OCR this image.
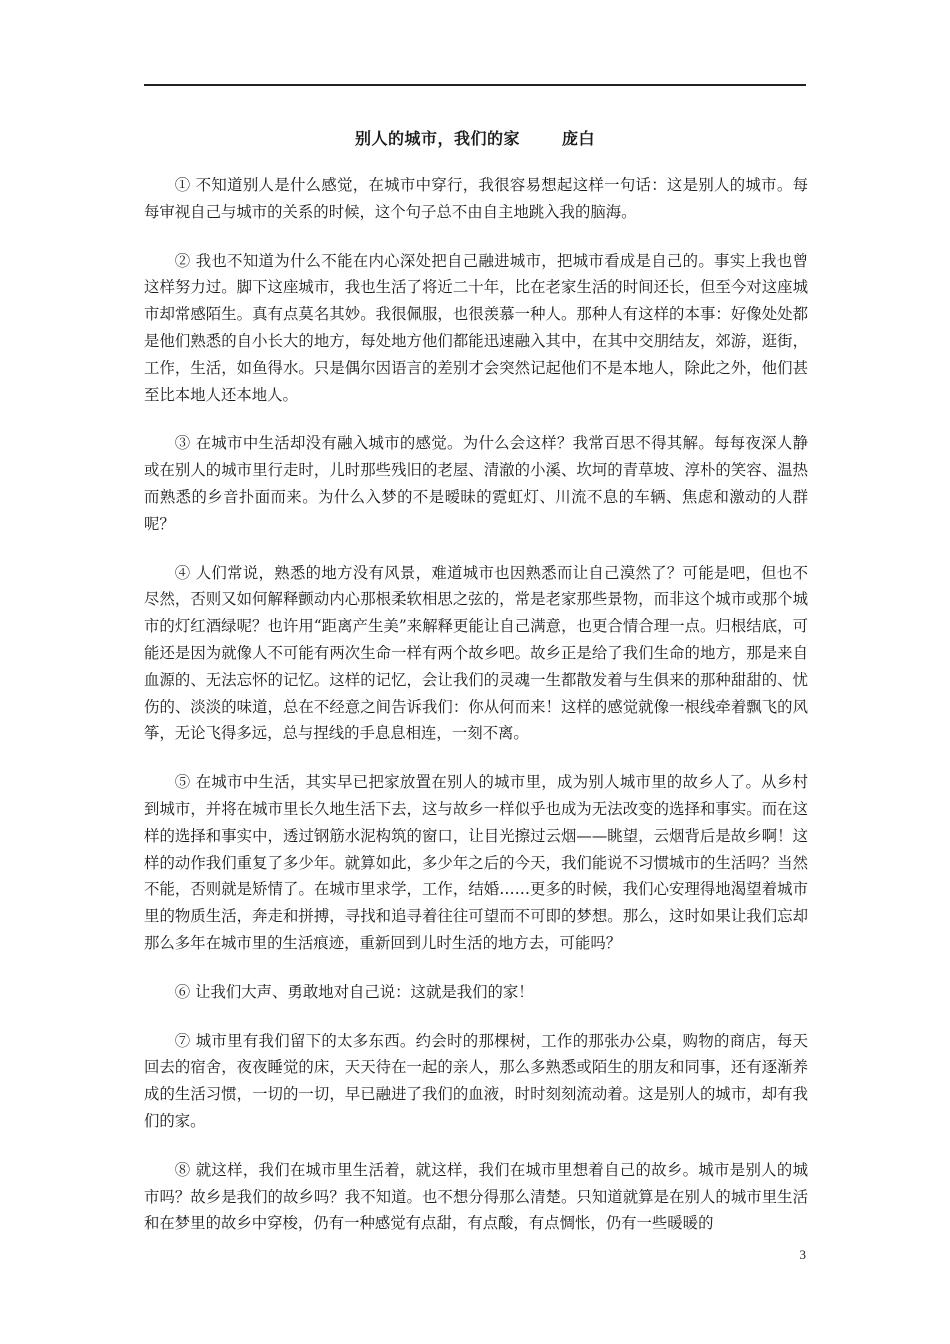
别人的城市，我们的家	庞白

① 不知道别人是什么感觉，在城市中穿行，我很容易想起这样一句话：这是别人的城市。每每审视自己与城市的关系的时候，这个句子总不由自主地跳入我的脑海。

② 我也不知道为什么不能在内心深处把自己融进城市，把城市看成是自己的。事实上我也曾这样努力过。脚下这座城市，我也生活了将近二十年，比在老家生活的时间还长，但至今对这座城市却常感陌生。真有点莫名其妙。我很佩服，也很羡慕一种人。那种人有这样的本事：好像处处都是他们熟悉的自小长大的地方，每处地方他们都能迅速融入其中，在其中交朋结友，郊游，逛街，工作，生活，如鱼得水。只是偶尔因语言的差别才会突然记起他们不是本地人，除此之外，他们甚至比本地人还本地人。

③ 在城市中生活却没有融入城市的感觉。为什么会这样？我常百思不得其解。每每夜深人静或在别人的城市里行走时，儿时那些残旧的老屋、清澈的小溪、坎坷的青草坡、淳朴的笑容、温热而熟悉的乡音扑面而来。为什么入梦的不是暧昧的霓虹灯、川流不息的车辆、焦虑和激动的人群呢？

④ 人们常说，熟悉的地方没有风景，难道城市也因熟悉而让自己漠然了？可能是吧，但也不尽然，否则又如何解释颤动内心那根柔软相思之弦的，常是老家那些景物，而非这个城市或那个城市的灯红酒绿呢？也许用“距离产生美”来解释更能让自己满意，也更合情合理一点。归根结底，可能还是因为就像人不可能有两次生命一样有两个故乡吧。故乡正是给了我们生命的地方，那是来自血源的、无法忘怀的记忆。这样的记忆，会让我们的灵魂一生都散发着与生俱来的那种甜甜的、忧伤的、淡淡的味道，总在不经意之间告诉我们：你从何而来！这样的感觉就像一根线牵着飘飞的风筝，无论飞得多远，总与捏线的手息息相连，一刻不离。

⑤ 在城市中生活，其实早已把家放置在别人的城市里，成为别人城市里的故乡人了。从乡村到城市，并将在城市里长久地生活下去，这与故乡一样似乎也成为无法改变的选择和事实。而在这样的选择和事实中，透过钢筋水泥构筑的窗口，让目光擦过云烟——眺望，云烟背后是故乡啊！这样的动作我们重复了多少年。就算如此，多少年之后的今天，我们能说不习惯城市的生活吗？当然不能，否则就是矫情了。在城市里求学，工作，结婚……更多的时候，我们心安理得地渴望着城市里的物质生活，奔走和拼搏，寻找和追寻着往往可望而不可即的梦想。那么，这时如果让我们忘却那么多年在城市里的生活痕迹，重新回到儿时生活的地方去，可能吗？

⑥ 让我们大声、勇敢地对自己说：这就是我们的家！

⑦ 城市里有我们留下的太多东西。约会时的那棵树，工作的那张办公桌，购物的商店，每天回去的宿舍，夜夜睡觉的床，天天待在一起的亲人，那么多熟悉或陌生的朋友和同事，还有逐渐养成的生活习惯，一切的一切，早已融进了我们的血液，时时刻刻流动着。这是别人的城市，却有我们的家。

⑧ 就这样，我们在城市里生活着，就这样，我们在城市里想着自己的故乡。城市是别人的城市吗？故乡是我们的故乡吗？我不知道。也不想分得那么清楚。只知道就算是在别人的城市里生活和在梦里的故乡中穿梭，仍有一种感觉有点甜，有点酸，有点惆怅，仍有一些暖暖的

3
